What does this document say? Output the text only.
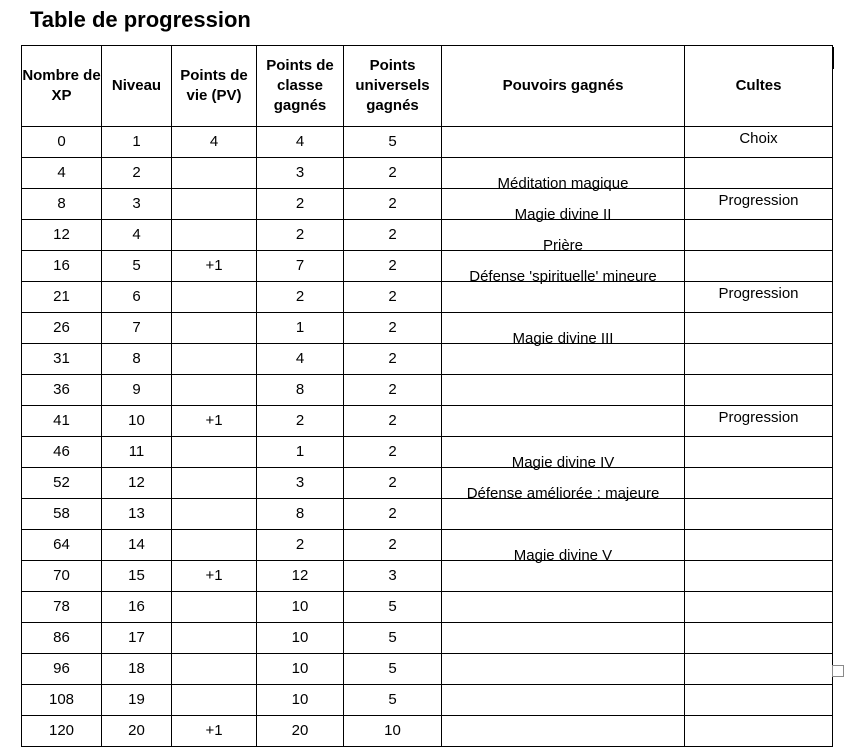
Table de progression
Nombre de XP	Niveau	Points de vie (PV)	Points de classe gagnés	Points universels gagnés	Pouvoirs gagnés	Cultes
0	1	4	4	5		Choix
4	2		3	2	Méditation magique	
8	3		2	2	Magie divine II	Progression
12	4		2	2	Prière	
16	5	+1	7	2	Défense 'spirituelle' mineure	
21	6		2	2		Progression
26	7		1	2	Magie divine III	
31	8		4	2		
36	9		8	2		
41	10	+1	2	2		Progression
46	11		1	2	Magie divine IV	
52	12		3	2	Défense améliorée : majeure	
58	13		8	2		
64	14		2	2	Magie divine V	
70	15	+1	12	3		
78	16		10	5		
86	17		10	5		
96	18		10	5		
108	19		10	5		
120	20	+1	20	10		
